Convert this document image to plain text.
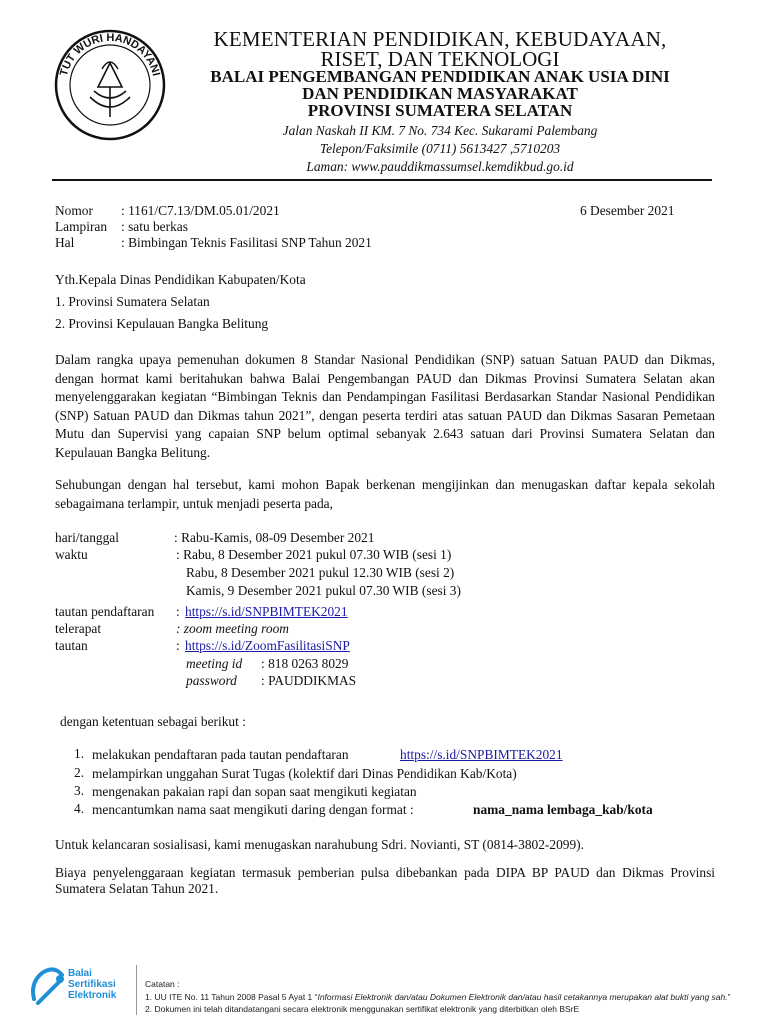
TUT WURI HANDAYANI
KEMENTERIAN PENDIDIKAN, KEBUDAYAAN,
RISET, DAN TEKNOLOGI
BALAI PENGEMBANGAN PENDIDIKAN ANAK USIA DINI
DAN PENDIDIKAN MASYARAKAT
PROVINSI SUMATERA SELATAN
Jalan Naskah II KM. 7 No. 734 Kec. Sukarami Palembang
Telepon/Faksimile (0711) 5613427 ,5710203
Laman: www.pauddikmassumsel.kemdikbud.go.id
Nomor : 1161/C7.13/DM.05.01/2021	6 Desember 2021
Lampiran : satu berkas
Hal	: Bimbingan Teknis Fasilitasi SNP Tahun 2021
Yth.Kepala Dinas Pendidikan Kabupaten/Kota
1. Provinsi Sumatera Selatan
2. Provinsi Kepulauan Bangka Belitung
Dalam rangka upaya pemenuhan dokumen 8 Standar Nasional Pendidikan (SNP) satuan Satuan PAUD dan Dikmas, dengan hormat kami beritahukan bahwa Balai Pengembangan PAUD dan Dikmas Provinsi Sumatera Selatan akan menyelenggarakan kegiatan “Bimbingan Teknis dan Pendampingan Fasilitasi Berdasarkan Standar Nasional Pendidikan (SNP) Satuan PAUD dan Dikmas tahun 2021”, dengan peserta terdiri atas satuan PAUD dan Dikmas Sasaran Pemetaan Mutu dan Supervisi yang capaian SNP belum optimal sebanyak 2.643 satuan dari Provinsi Sumatera Selatan dan Kepulauan Bangka Belitung.
Sehubungan dengan hal tersebut, kami mohon Bapak berkenan mengijinkan dan menugaskan daftar kepala sekolah sebagaimana terlampir, untuk menjadi peserta pada,
hari/tanggal	: Rabu-Kamis, 08-09 Desember 2021
waktu	: Rabu, 8 Desember 2021 pukul 07.30 WIB (sesi 1)
Rabu, 8 Desember 2021 pukul 12.30 WIB (sesi 2)
Kamis, 9 Desember 2021 pukul 07.30 WIB (sesi 3)
tautan pendaftaran : https://s.id/SNPBIMTEK2021
telerapat	: zoom meeting room
tautan	: https://s.id/ZoomFasilitasiSNP
meeting id : 818 0263 8029
password : PAUDDIKMAS
dengan ketentuan sebagai berikut :
1. melakukan pendaftaran pada tautan pendaftaran	https://s.id/SNPBIMTEK2021
2. melampirkan unggahan Surat Tugas (kolektif dari Dinas Pendidikan Kab/Kota)
3. mengenakan pakaian rapi dan sopan saat mengikuti kegiatan
4. mencantumkan nama saat mengikuti daring dengan format :	nama_nama lembaga_kab/kota
Untuk kelancaran sosialisasi, kami menugaskan narahubung Sdri. Novianti, ST (0814-3802-2099).
Biaya penyelenggaraan kegiatan termasuk pemberian pulsa dibebankan pada DIPA BP PAUD dan Dikmas Provinsi Sumatera Selatan Tahun 2021.
Balai
Sertifikasi
Elektronik
Catatan :
1. UU ITE No. 11 Tahun 2008 Pasal 5 Ayat 1 “Informasi Elektronik dan/atau Dokumen Elektronik dan/atau hasil cetakannya merupakan alat bukti yang sah.”
2. Dokumen ini telah ditandatangani secara elektronik menggunakan sertifikat elektronik yang diterbitkan oleh BSrE
